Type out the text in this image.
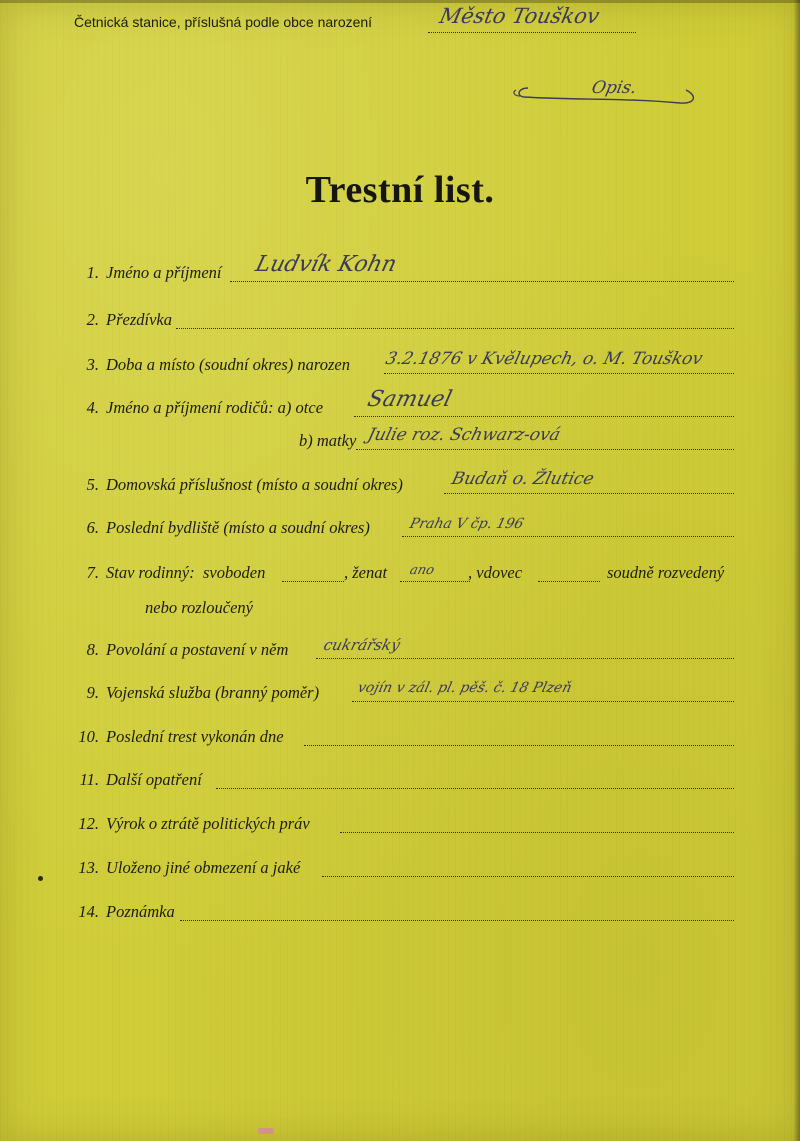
Četnická stanice, příslušná podle obce narození	Město Touškov
Opis.
Trestní list.
1. Jméno a příjmení Ludvík Kohn
2. Přezdívka
3. Doba a místo (soudní okres) narozen 3.2.1876 v Kvělupech, o. M. Touškov
4. Jméno a příjmení rodičů: a) otce Samuel
b) matky Julie roz. Schwarz-ová
5. Domovská příslušnost (místo a soudní okres)	Budaň o. Žlutice
6. Poslední bydliště (místo a soudní okres)	Praha V čp. 196
7. Stav rodinný: svoboden	, ženat ano , vdovec	soudně rozvedený
nebo rozloučený
8. Povolání a postavení v něm cukrářský
9. Vojenská služba (branný poměr)	vojín v zál. pl. pěš. č. 18 Plzeň
10. Poslední trest vykonán dne
11. Další opatření
12. Výrok o ztrátě politických práv
13. Uloženo jiné obmezení a jaké
14. Poznámka
